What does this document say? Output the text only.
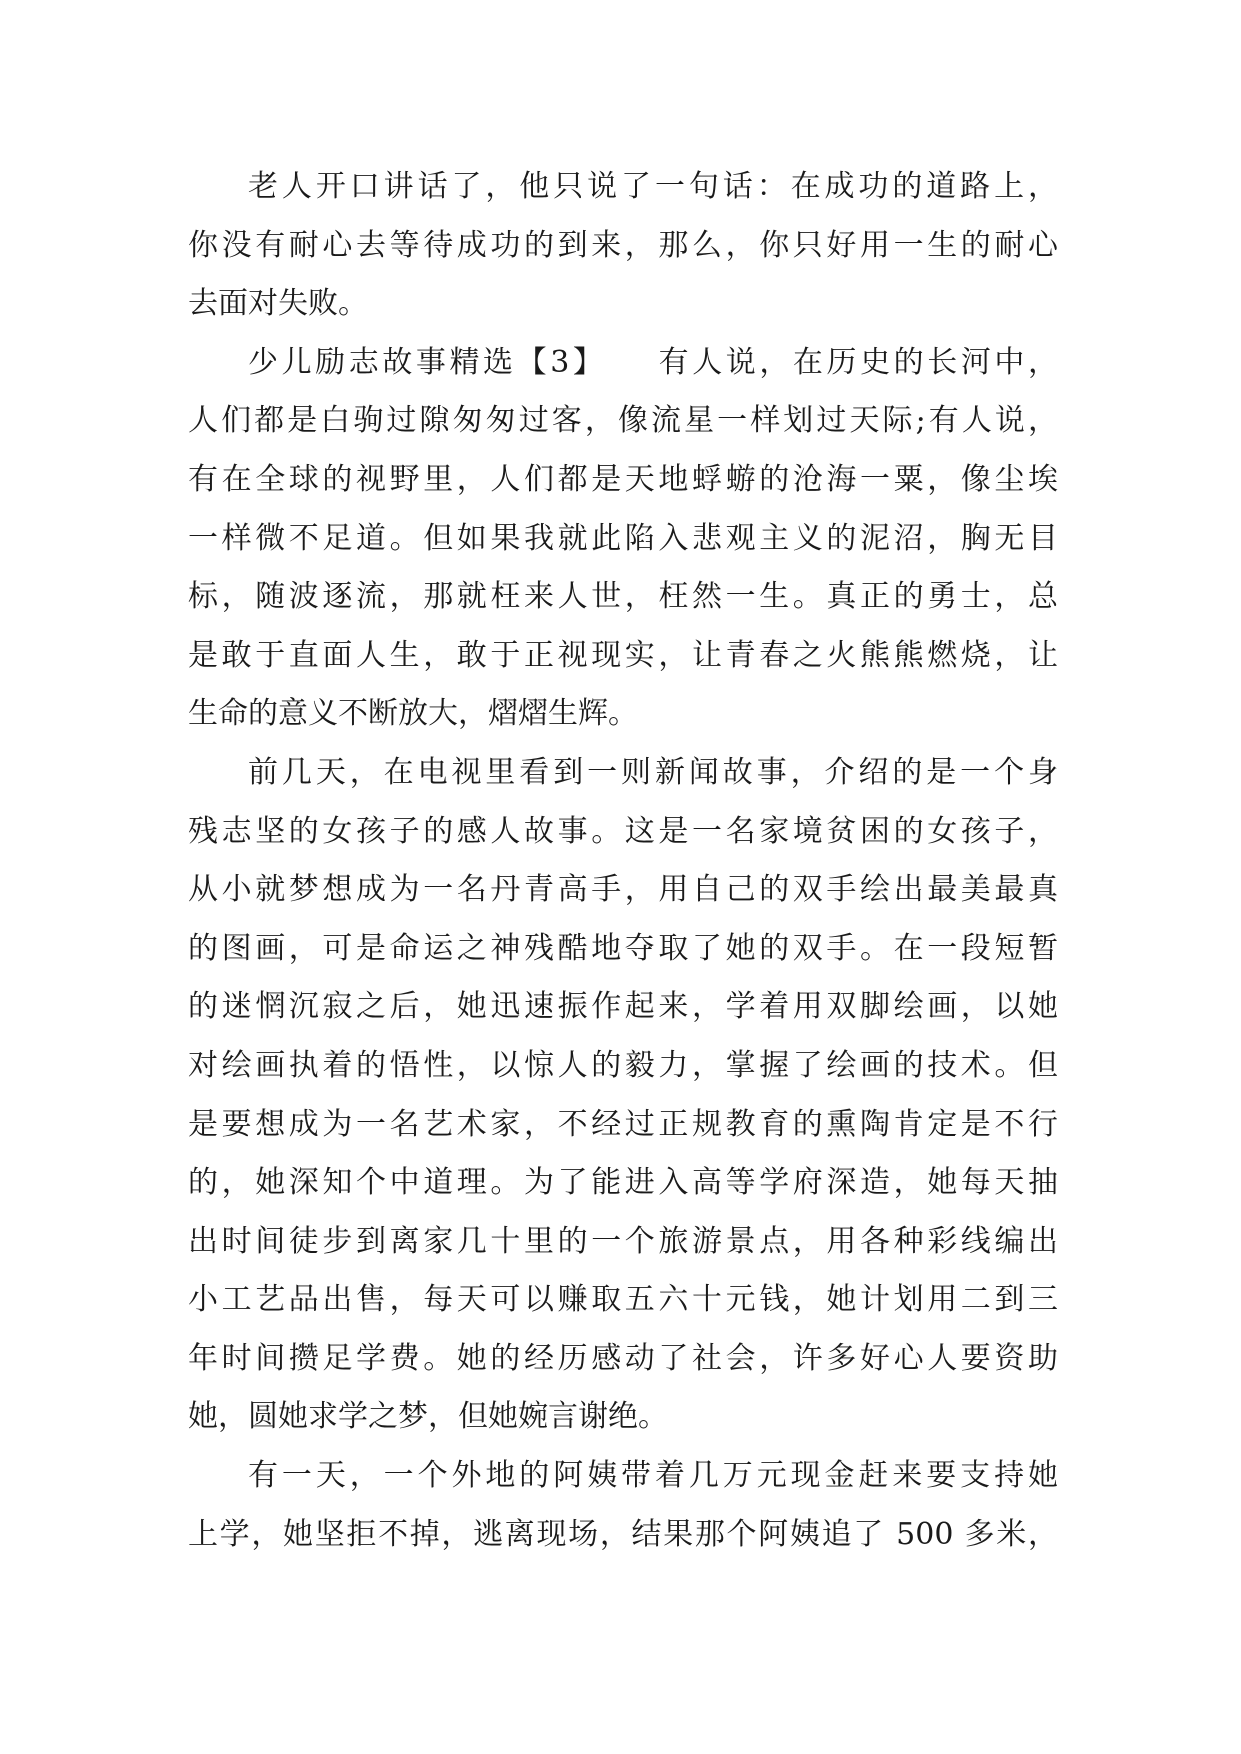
老人开口讲话了，他只说了一句话：在成功的道路上，
你没有耐心去等待成功的到来，那么，你只好用一生的耐心
去面对失败。
少儿励志故事精选【3】　　有人说，在历史的长河中，
人们都是白驹过隙匆匆过客，像流星一样划过天际;有人说，
有在全球的视野里，人们都是天地蜉蝣的沧海一粟，像尘埃
一样微不足道。但如果我就此陷入悲观主义的泥沼，胸无目
标，随波逐流，那就枉来人世，枉然一生。真正的勇士，总
是敢于直面人生，敢于正视现实，让青春之火熊熊燃烧，让
生命的意义不断放大，熠熠生辉。
前几天，在电视里看到一则新闻故事，介绍的是一个身
残志坚的女孩子的感人故事。这是一名家境贫困的女孩子，
从小就梦想成为一名丹青高手，用自己的双手绘出最美最真
的图画，可是命运之神残酷地夺取了她的双手。在一段短暂
的迷惘沉寂之后，她迅速振作起来，学着用双脚绘画，以她
对绘画执着的悟性，以惊人的毅力，掌握了绘画的技术。但
是要想成为一名艺术家，不经过正规教育的熏陶肯定是不行
的，她深知个中道理。为了能进入高等学府深造，她每天抽
出时间徒步到离家几十里的一个旅游景点，用各种彩线编出
小工艺品出售，每天可以赚取五六十元钱，她计划用二到三
年时间攒足学费。她的经历感动了社会，许多好心人要资助
她，圆她求学之梦，但她婉言谢绝。
有一天，一个外地的阿姨带着几万元现金赶来要支持她
上学，她坚拒不掉，逃离现场，结果那个阿姨追了 500 多米，
